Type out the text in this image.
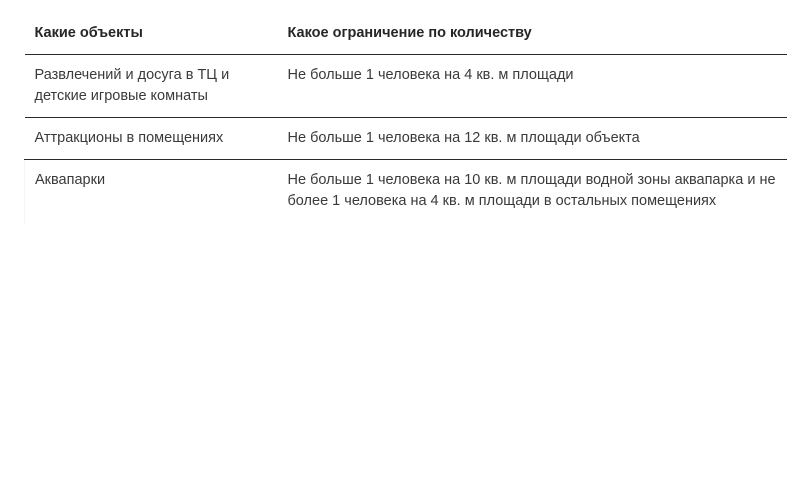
Какие объекты	Какое ограничение по количеству
Развлечений и досуга в ТЦ и детские игровые комнаты	Не больше 1 человека на 4 кв. м площади
Аттракционы в помещениях	Не больше 1 человека на 12 кв. м площади объекта
Аквапарки	Не больше 1 человека на 10 кв. м площади водной зоны аквапарка и не более 1 человека на 4 кв. м площади в остальных помещениях
